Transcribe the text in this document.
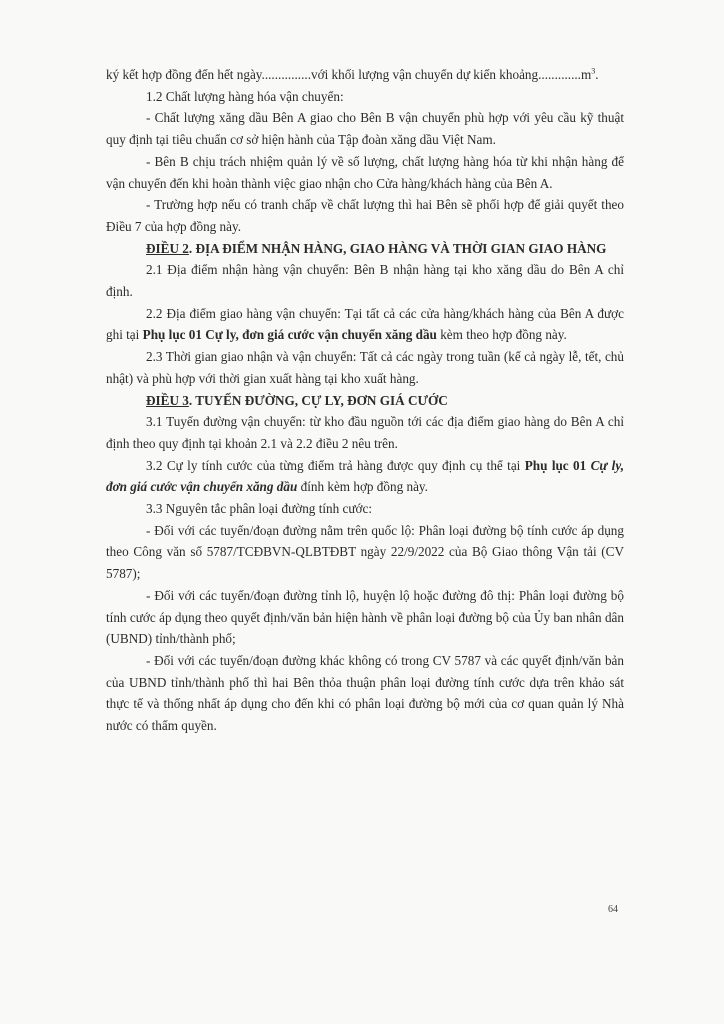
ký kết hợp đồng đến hết ngày...............với khối lượng vận chuyển dự kiến $khoảng.............m^3$.

1.2 Chất lượng hàng hóa vận chuyển:

- Chất lượng xăng dầu Bên A giao cho Bên B vận chuyển phù hợp với yêu cầu kỹ thuật quy định tại tiêu chuẩn cơ sở hiện hành của Tập đoàn xăng dầu Việt Nam.

- Bên B chịu trách nhiệm quản lý về số lượng, chất lượng hàng hóa từ khi nhận hàng để vận chuyển đến khi hoàn thành việc giao nhận cho Cửa hàng/khách hàng của Bên A.

- Trường hợp nếu có tranh chấp về chất lượng thì hai Bên sẽ phối hợp để giải quyết theo Điều 7 của hợp đồng này.

ĐIỀU 2. ĐỊA ĐIỂM NHẬN HÀNG, GIAO HÀNG VÀ THỜI GIAN GIAO HÀNG

2.1 Địa điểm nhận hàng vận chuyển: Bên B nhận hàng tại kho xăng dầu do Bên A chỉ định.

2.2 Địa điểm giao hàng vận chuyển: Tại tất cả các cửa hàng/khách hàng của Bên A được ghi tại Phụ lục 01 Cự ly, đơn giá cước vận chuyển xăng dầu kèm theo hợp đồng này.

2.3 Thời gian giao nhận và vận chuyển: Tất cả các ngày trong tuần (kể cả ngày lễ, tết, chủ nhật) và phù hợp với thời gian xuất hàng tại kho xuất hàng.

ĐIỀU 3. TUYẾN ĐƯỜNG, CỰ LY, ĐƠN GIÁ CƯỚC

3.1 Tuyến đường vận chuyển: từ kho đầu nguồn tới các địa điểm giao hàng do Bên A chỉ định theo quy định tại khoản 2.1 và 2.2 điều 2 nêu trên.

3.2 Cự ly tính cước của từng điểm trả hàng được quy định cụ thể tại Phụ lục 01 Cự ly, đơn giá cước vận chuyển xăng dầu đính kèm hợp đồng này.

3.3 Nguyên tắc phân loại đường tính cước:

- Đối với các tuyến/đoạn đường nằm trên quốc lộ: Phân loại đường bộ tính cước áp dụng theo Công văn số 5787/TCĐBVN-QLBTĐBT ngày 22/9/2022 của Bộ Giao thông Vận tải (CV 5787);

- Đối với các tuyến/đoạn đường tỉnh lộ, huyện lộ hoặc đường đô thị: Phân loại đường bộ tính cước áp dụng theo quyết định/văn bản hiện hành về phân loại đường bộ của Ủy ban nhân dân (UBND) tỉnh/thành phố;

- Đối với các tuyến/đoạn đường khác không có trong CV 5787 và các quyết định/văn bản của UBND tỉnh/thành phố thì hai Bên thỏa thuận phân loại đường tính cước dựa trên khảo sát thực tế và thống nhất áp dụng cho đến khi có phân loại đường bộ mới của cơ quan quản lý Nhà nước có thẩm quyền.

64
